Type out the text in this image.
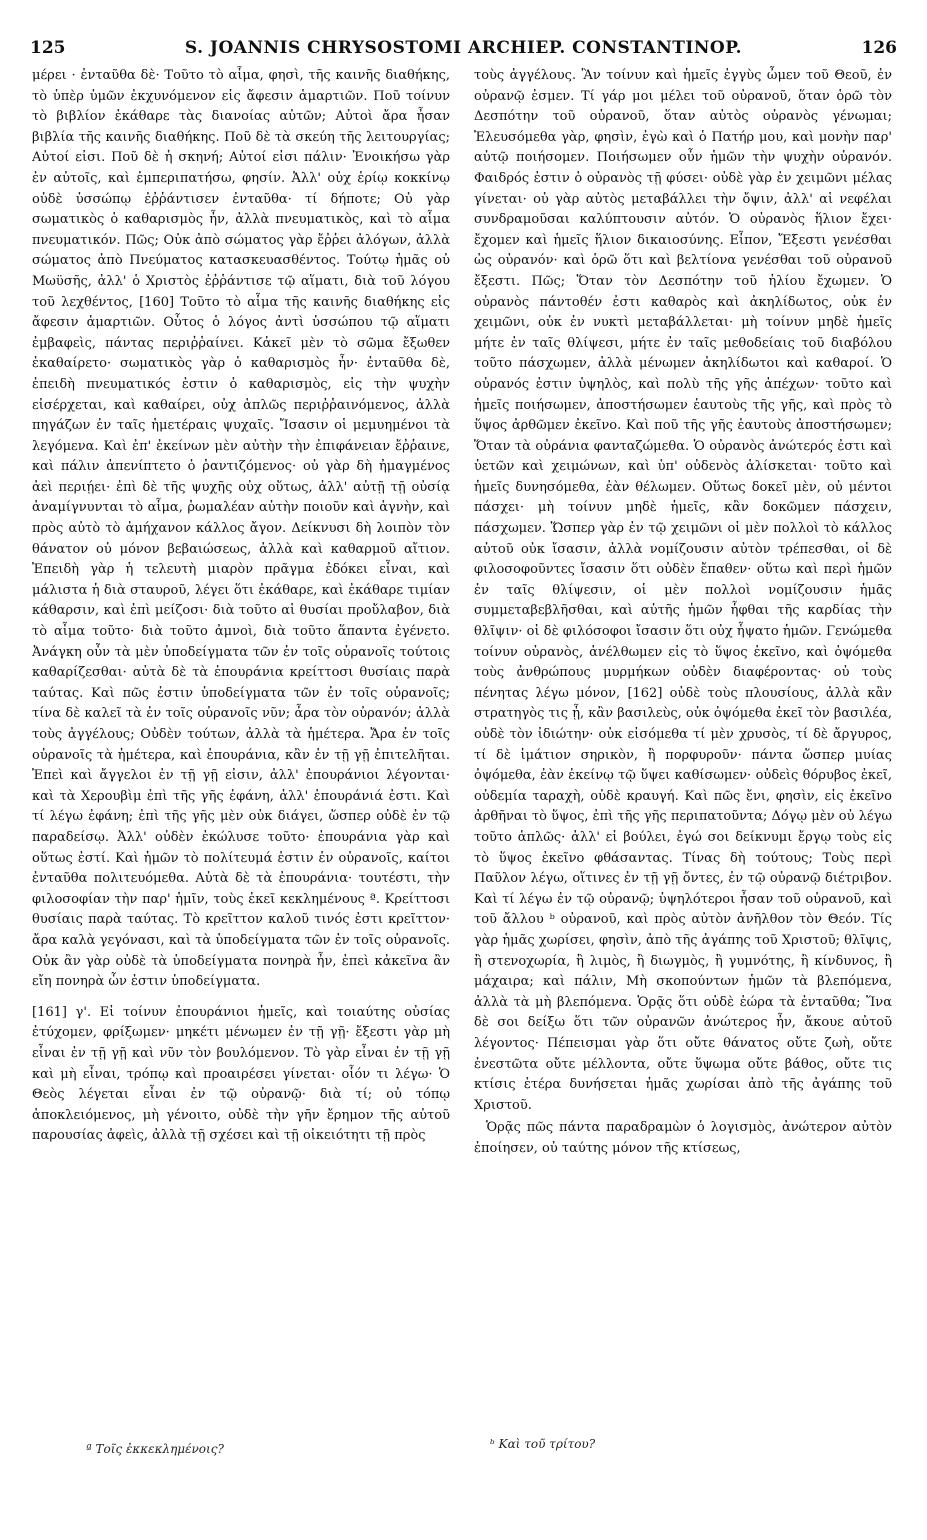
125	S. JOANNIS CHRYSOSTOMI ARCHIEP. CONSTANTINOP.	126

μέρει · ἐνταῦθα δὲ· Τοῦτο τὸ αἷμα, φησὶ, τῆς καινῆς διαθήκης, τὸ ὑπὲρ ὑμῶν ἐκχυνόμενον εἰς ἄφεσιν ἁμαρτιῶν. Ποῦ τοίνυν τὸ βιβλίον ἐκάθαρε τὰς διανοίας αὐτῶν; Αὐτοὶ ἄρα ἦσαν βιβλία τῆς καινῆς διαθήκης. Ποῦ δὲ τὰ σκεύη τῆς λειτουργίας; Αὐτοί εἰσι. Ποῦ δὲ ἡ σκηνή; Αὐτοί εἰσι πάλιν· Ἐνοικήσω γὰρ ἐν αὐτοῖς, καὶ ἐμπεριπατήσω, φησίν. Ἀλλ' οὐχ ἐρίῳ κοκκίνῳ οὐδὲ ὑσσώπῳ ἐῤῥάντισεν ἐνταῦθα· τί δήποτε; Οὐ γὰρ σωματικὸς ὁ καθαρισμὸς ἦν, ἀλλὰ πνευματικὸς, καὶ τὸ αἷμα πνευματικόν. Πῶς; Οὐκ ἀπὸ σώματος γὰρ ἔῤῥει ἀλόγων, ἀλλὰ σώματος ἀπὸ Πνεύματος κατασκευασθέντος. Τούτῳ ἡμᾶς οὐ Μωϋσῆς, ἀλλ' ὁ Χριστὸς ἐῤῥάντισε τῷ αἵματι, διὰ τοῦ λόγου τοῦ λεχθέντος, [160] Τοῦτο τὸ αἷμα τῆς καινῆς διαθήκης εἰς ἄφεσιν ἁμαρτιῶν. Οὗτος ὁ λόγος ἀντὶ ὑσσώπου τῷ αἵματι ἐμβαφεὶς, πάντας περιῤῥαίνει. Κἀκεῖ μὲν τὸ σῶμα ἔξωθεν ἐκαθαίρετο· σωματικὸς γὰρ ὁ καθαρισμὸς ἦν· ἐνταῦθα δὲ, ἐπειδὴ πνευματικός ἐστιν ὁ καθαρισμὸς, εἰς τὴν ψυχὴν εἰσέρχεται, καὶ καθαίρει, οὐχ ἁπλῶς περιῤῥαινόμενος, ἀλλὰ πηγάζων ἐν ταῖς ἡμετέραις ψυχαῖς. Ἴσασιν οἱ μεμυημένοι τὰ λεγόμενα. Καὶ ἐπ' ἐκείνων μὲν αὐτὴν τὴν ἐπιφάνειαν ἔῤῥαινε, καὶ πάλιν ἀπενίπτετο ὁ ῥαντιζόμενος· οὐ γὰρ δὴ ἠμαγμένος ἀεὶ περιῄει· ἐπὶ δὲ τῆς ψυχῆς οὐχ οὕτως, ἀλλ' αὐτῇ τῇ οὐσίᾳ ἀναμίγνυνται τὸ αἷμα, ῥωμαλέαν αὐτὴν ποιοῦν καὶ ἁγνὴν, καὶ πρὸς αὐτὸ τὸ ἀμήχανον κάλλος ἄγον. Δείκνυσι δὴ λοιπὸν τὸν θάνατον οὐ μόνον βεβαιώσεως, ἀλλὰ καὶ καθαρμοῦ αἴτιον. Ἐπειδὴ γὰρ ἡ τελευτὴ μιαρὸν πρᾶγμα ἐδόκει εἶναι, καὶ μάλιστα ἡ διὰ σταυροῦ, λέγει ὅτι ἐκάθαρε, καὶ ἐκάθαρε τιμίαν κάθαρσιν, καὶ ἐπὶ μείζοσι· διὰ τοῦτο αἱ θυσίαι προὔλαβον, διὰ τὸ αἷμα τοῦτο· διὰ τοῦτο ἀμνοὶ, διὰ τοῦτο ἅπαντα ἐγένετο. Ἀνάγκη οὖν τὰ μὲν ὑποδείγματα τῶν ἐν τοῖς οὐρανοῖς τούτοις καθαρίζεσθαι· αὐτὰ δὲ τὰ ἐπουράνια κρείττοσι θυσίαις παρὰ ταύτας. Καὶ πῶς ἐστιν ὑποδείγματα τῶν ἐν τοῖς οὐρανοῖς; τίνα δὲ καλεῖ τὰ ἐν τοῖς οὐρανοῖς νῦν; ἆρα τὸν οὐρανόν; ἀλλὰ τοὺς ἀγγέλους; Οὐδὲν τούτων, ἀλλὰ τὰ ἡμέτερα. Ἄρα ἐν τοῖς οὐρανοῖς τὰ ἡμέτερα, καὶ ἐπουράνια, κἂν ἐν τῇ γῇ ἐπιτελῆται. Ἐπεὶ καὶ ἄγγελοι ἐν τῇ γῇ εἰσιν, ἀλλ' ἐπουράνιοι λέγονται· καὶ τὰ Χερουβὶμ ἐπὶ τῆς γῆς ἐφάνη, ἀλλ' ἐπουράνιά ἐστι. Καὶ τί λέγω ἐφάνη; ἐπὶ τῆς γῆς μὲν οὐκ διάγει, ὥσπερ οὐδὲ ἐν τῷ παραδείσῳ. Ἀλλ' οὐδὲν ἐκώλυσε τοῦτο· ἐπουράνια γὰρ καὶ οὕτως ἐστί. Καὶ ἡμῶν τὸ πολίτευμά ἐστιν ἐν οὐρανοῖς, καίτοι ἐνταῦθα πολιτευόμεθα. Αὐτὰ δὲ τὰ ἐπουράνια· τουτέστι, τὴν φιλοσοφίαν τὴν παρ' ἡμῖν, τοὺς ἐκεῖ κεκλημένους ª. Κρείττοσι θυσίαις παρὰ ταύτας. Τὸ κρεῖττον καλοῦ τινός ἐστι κρεῖττον· ἄρα καλὰ γεγόνασι, καὶ τὰ ὑποδείγματα τῶν ἐν τοῖς οὐρανοῖς. Οὐκ ἂν γὰρ οὐδὲ τὰ ὑποδείγματα πονηρὰ ἦν, ἐπεὶ κἀκεῖνα ἂν εἴη πονηρὰ ὧν ἐστιν ὑποδείγματα.

[161] γ'. Εἰ τοίνυν ἐπουράνιοι ἡμεῖς, καὶ τοιαύτης οὐσίας ἐτύχομεν, φρίξωμεν· μηκέτι μένωμεν ἐν τῇ γῇ· ἔξεστι γὰρ μὴ εἶναι ἐν τῇ γῇ καὶ νῦν τὸν βουλόμενον. Τὸ γὰρ εἶναι ἐν τῇ γῇ καὶ μὴ εἶναι, τρόπῳ καὶ προαιρέσει γίνεται· οἷόν τι λέγω· Ὁ Θεὸς λέγεται εἶναι ἐν τῷ οὐρανῷ· διὰ τί; οὐ τόπῳ ἀποκλειόμενος, μὴ γένοιτο, οὐδὲ τὴν γῆν ἔρημον τῆς αὐτοῦ παρουσίας ἀφεὶς, ἀλλὰ τῇ σχέσει καὶ τῇ οἰκειότητι τῇ πρὸς

τοὺς ἀγγέλους. Ἂν τοίνυν καὶ ἡμεῖς ἐγγὺς ὦμεν τοῦ Θεοῦ, ἐν οὐρανῷ ἐσμεν. Τί γάρ μοι μέλει τοῦ οὐρανοῦ, ὅταν ὁρῶ τὸν Δεσπότην τοῦ οὐρανοῦ, ὅταν αὐτὸς οὐρανὸς γένωμαι; Ἐλευσόμεθα γὰρ, φησὶν, ἐγὼ καὶ ὁ Πατήρ μου, καὶ μονὴν παρ' αὐτῷ ποιήσομεν. Ποιήσωμεν οὖν ἡμῶν τὴν ψυχὴν οὐρανόν. Φαιδρός ἐστιν ὁ οὐρανὸς τῇ φύσει· οὐδὲ γὰρ ἐν χειμῶνι μέλας γίνεται· οὐ γὰρ αὐτὸς μεταβάλλει τὴν ὄψιν, ἀλλ' αἱ νεφέλαι συνδραμοῦσαι καλύπτουσιν αὐτόν. Ὁ οὐρανὸς ἥλιον ἔχει· ἔχομεν καὶ ἡμεῖς ἥλιον δικαιοσύνης. Εἶπον, Ἔξεστι γενέσθαι ὡς οὐρανόν· καὶ ὁρῶ ὅτι καὶ βελτίονα γενέσθαι τοῦ οὐρανοῦ ἔξεστι. Πῶς; Ὅταν τὸν Δεσπότην τοῦ ἡλίου ἔχωμεν. Ὁ οὐρανὸς πάντοθέν ἐστι καθαρὸς καὶ ἀκηλίδωτος, οὐκ ἐν χειμῶνι, οὐκ ἐν νυκτὶ μεταβάλλεται· μὴ τοίνυν μηδὲ ἡμεῖς μήτε ἐν ταῖς θλίψεσι, μήτε ἐν ταῖς μεθοδείαις τοῦ διαβόλου τοῦτο πάσχωμεν, ἀλλὰ μένωμεν ἀκηλίδωτοι καὶ καθαροί. Ὁ οὐρανός ἐστιν ὑψηλὸς, καὶ πολὺ τῆς γῆς ἀπέχων· τοῦτο καὶ ἡμεῖς ποιήσωμεν, ἀποστήσωμεν ἑαυτοὺς τῆς γῆς, καὶ πρὸς τὸ ὕψος ἀρθῶμεν ἐκεῖνο. Καὶ ποῦ τῆς γῆς ἑαυτοὺς ἀποστήσωμεν; Ὅταν τὰ οὐράνια φανταζώμεθα. Ὁ οὐρανὸς ἀνώτερός ἐστι καὶ ὑετῶν καὶ χειμώνων, καὶ ὑπ' οὐδενὸς ἁλίσκεται· τοῦτο καὶ ἡμεῖς δυνησόμεθα, ἐὰν θέλωμεν. Οὕτως δοκεῖ μὲν, οὐ μέντοι πάσχει· μὴ τοίνυν μηδὲ ἡμεῖς, κἂν δοκῶμεν πάσχειν, πάσχωμεν. Ὥσπερ γὰρ ἐν τῷ χειμῶνι οἱ μὲν πολλοὶ τὸ κάλλος αὐτοῦ οὐκ ἴσασιν, ἀλλὰ νομίζουσιν αὐτὸν τρέπεσθαι, οἱ δὲ φιλοσοφοῦντες ἴσασιν ὅτι οὐδὲν ἔπαθεν· οὕτω καὶ περὶ ἡμῶν ἐν ταῖς θλίψεσιν, οἱ μὲν πολλοὶ νομίζουσιν ἡμᾶς συμμεταβεβλῆσθαι, καὶ αὐτῆς ἡμῶν ἧφθαι τῆς καρδίας τὴν θλῖψιν· οἱ δὲ φιλόσοφοι ἴσασιν ὅτι οὐχ ἧψατο ἡμῶν. Γενώμεθα τοίνυν οὐρανὸς, ἀνέλθωμεν εἰς τὸ ὕψος ἐκεῖνο, καὶ ὀψόμεθα τοὺς ἀνθρώπους μυρμήκων οὐδὲν διαφέροντας· οὐ τοὺς πένητας λέγω μόνον, [162] οὐδὲ τοὺς πλουσίους, ἀλλὰ κἂν στρατηγὸς τις ᾖ, κἂν βασιλεὺς, οὐκ ὀψόμεθα ἐκεῖ τὸν βασιλέα, οὐδὲ τὸν ἰδιώτην· οὐκ εἰσόμεθα τί μὲν χρυσὸς, τί δὲ ἄργυρος, τί δὲ ἱμάτιον σηρικὸν, ἢ πορφυροῦν· πάντα ὥσπερ μυίας ὀψόμεθα, ἐὰν ἐκείνῳ τῷ ὕψει καθίσωμεν· οὐδεὶς θόρυβος ἐκεῖ, οὐδεμία ταραχὴ, οὐδὲ κραυγή. Καὶ πῶς ἔνι, φησὶν, εἰς ἐκεῖνο ἀρθῆναι τὸ ὕψος, ἐπὶ τῆς γῆς περιπατοῦντα; Δόγῳ μὲν οὐ λέγω τοῦτο ἁπλῶς· ἀλλ' εἰ βούλει, ἐγώ σοι δείκνυμι ἔργῳ τοὺς εἰς τὸ ὕψος ἐκεῖνο φθάσαντας. Τίνας δὴ τούτους; Τοὺς περὶ Παῦλον λέγω, οἵτινες ἐν τῇ γῇ ὄντες, ἐν τῷ οὐρανῷ διέτριβον. Καὶ τί λέγω ἐν τῷ οὐρανῷ; ὑψηλότεροι ἦσαν τοῦ οὐρανοῦ, καὶ τοῦ ἄλλου ᵇ οὐρανοῦ, καὶ πρὸς αὐτὸν ἀνῆλθον τὸν Θεόν. Τίς γὰρ ἡμᾶς χωρίσει, φησὶν, ἀπὸ τῆς ἀγάπης τοῦ Χριστοῦ; θλῖψις, ἢ στενοχωρία, ἢ λιμὸς, ἢ διωγμὸς, ἢ γυμνότης, ἢ κίνδυνος, ἢ μάχαιρα; καὶ πάλιν, Μὴ σκοπούντων ἡμῶν τὰ βλεπόμενα, ἀλλὰ τὰ μὴ βλεπόμενα. Ὁρᾷς ὅτι οὐδὲ ἑώρα τὰ ἐνταῦθα; Ἵνα δὲ σοι δείξω ὅτι τῶν οὐρανῶν ἀνώτερος ἦν, ἄκουε αὐτοῦ λέγοντος· Πέπεισμαι γὰρ ὅτι οὔτε θάνατος οὔτε ζωὴ, οὔτε ἐνεστῶτα οὔτε μέλλοντα, οὔτε ὕψωμα οὔτε βάθος, οὔτε τις κτίσις ἑτέρα δυνήσεται ἡμᾶς χωρίσαι ἀπὸ τῆς ἀγάπης τοῦ Χριστοῦ.

Ὁρᾷς πῶς πάντα παραδραμὼν ὁ λογισμὸς, ἀνώτερον αὐτὸν ἐποίησεν, οὐ ταύτης μόνον τῆς κτίσεως,

ª Τοῖς ἐκκεκλημένοις?	ᵇ Καὶ τοῦ τρίτου?
